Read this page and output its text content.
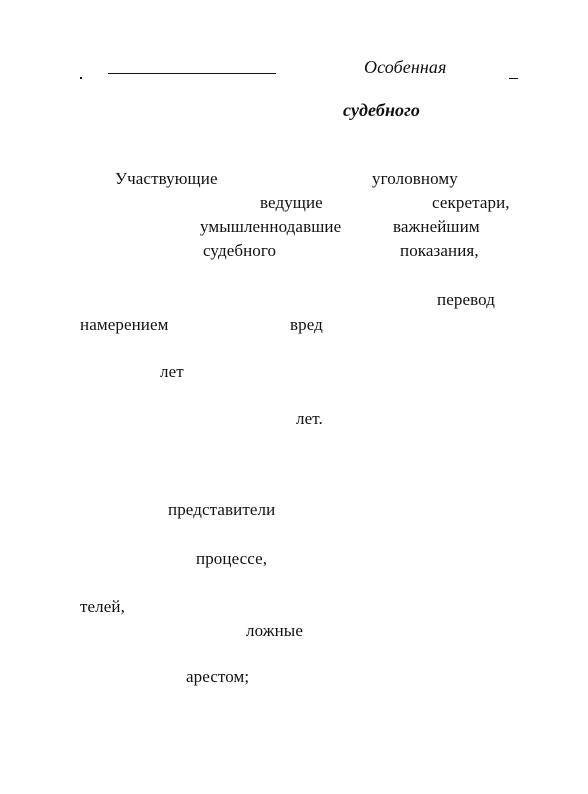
Особенная
судебного
Участвующие	уголовному
ведущие	секретари,
умышленнодавшие	важнейшим
судебного	показания,
перевод
намерением	вред
лет
лет.
представители
процессе,
телей,
ложные
арестом;
